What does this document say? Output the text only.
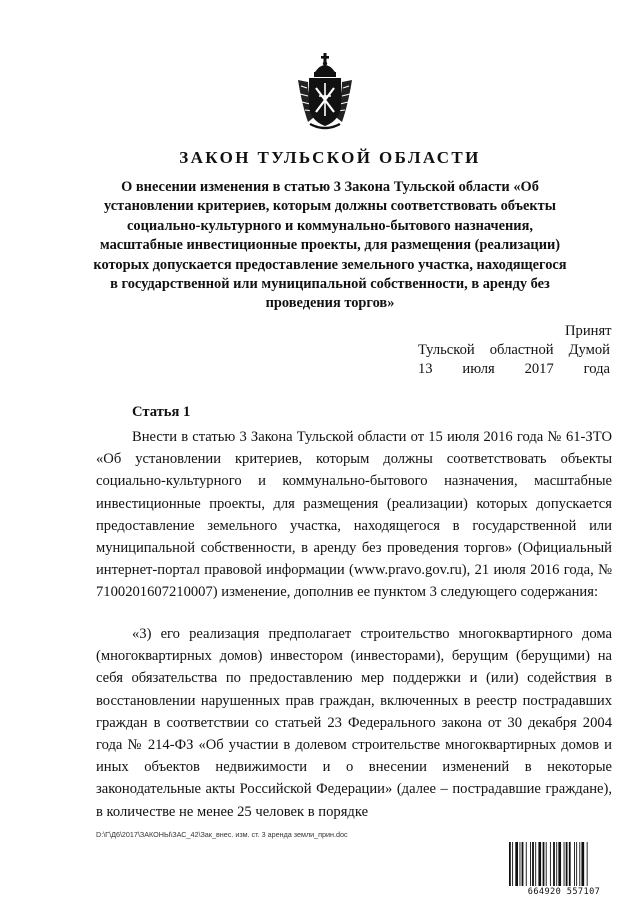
ЗАКОН ТУЛЬСКОЙ ОБЛАСТИ
О внесении изменения в статью 3 Закона Тульской области «Об установлении критериев, которым должны соответствовать объекты социально-культурного и коммунально-бытового назначения, масштабные инвестиционные проекты, для размещения (реализации) которых допускается предоставление земельного участка, находящегося в государственной или муниципальной собственности, в аренду без проведения торгов»
Принят
Тульской областной Думой
13 июля 2017 года
Статья 1
Внести в статью 3 Закона Тульской области от 15 июля 2016 года № 61-ЗТО «Об установлении критериев, которым должны соответствовать объекты социально-культурного и коммунально-бытового назначения, масштабные инвестиционные проекты, для размещения (реализации) которых допускается предоставление земельного участка, находящегося в государственной или муниципальной собственности, в аренду без проведения торгов» (Официальный интернет-портал правовой информации (www.pravo.gov.ru), 21 июля 2016 года, № 7100201607210007) изменение, дополнив ее пунктом 3 следующего содержания:
«3) его реализация предполагает строительство многоквартирного дома (многоквартирных домов) инвестором (инвесторами), берущим (берущими) на себя обязательства по предоставлению мер поддержки и (или) содействия в восстановлении нарушенных прав граждан, включенных в реестр пострадавших граждан в соответствии со статьей 23 Федерального закона от 30 декабря 2004 года № 214-ФЗ «Об участии в долевом строительстве многоквартирных домов и иных объектов недвижимости и о внесении изменений в некоторые законодательные акты Российской Федерации» (далее – пострадавшие граждане), в количестве не менее 25 человек в порядке
D:\Г\Д6\2017\ЗАКОНЫ\ЗАС_42\Зак_внес. изм. ст. 3 аренда земли_прин.doc
664920 557107
